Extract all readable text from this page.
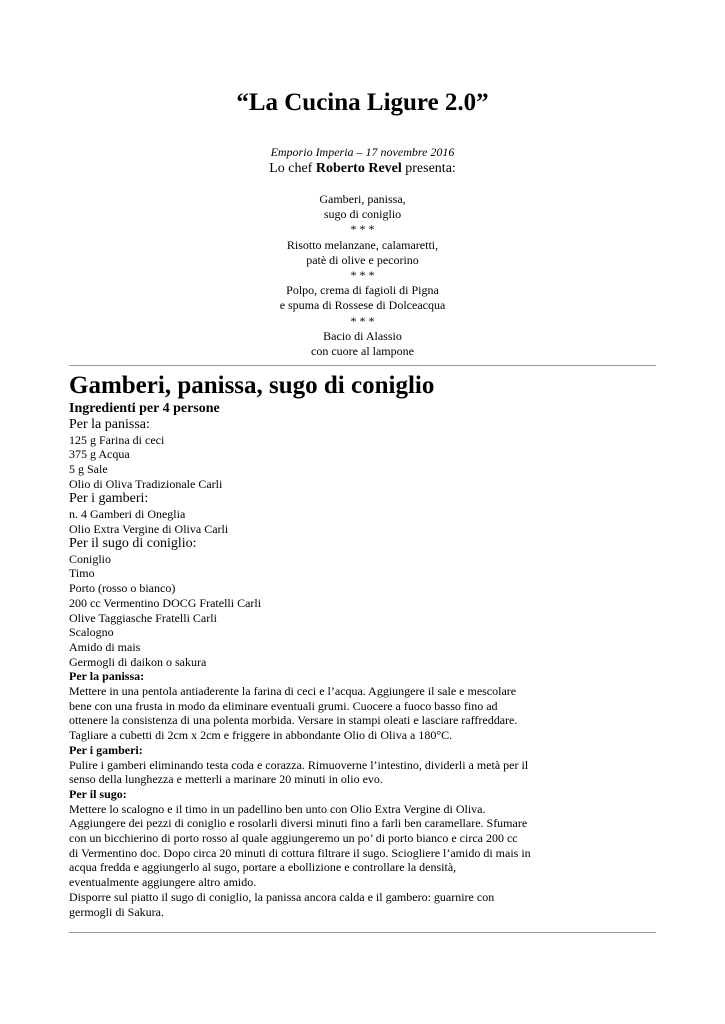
“La Cucina Ligure 2.0”
Emporio Imperia – 17 novembre 2016
Lo chef Roberto Revel presenta:
Gamberi, panissa,
sugo di coniglio
* * *
Risotto melanzane, calamaretti,
patè di olive e pecorino
* * *
Polpo, crema di fagioli di Pigna
e spuma di Rossese di Dolceacqua
* * *
Bacio di Alassio
con cuore al lampone
Gamberi, panissa, sugo di coniglio
Ingredienti per 4 persone
Per la panissa:
125 g Farina di ceci
375 g Acqua
5 g Sale
Olio di Oliva Tradizionale Carli
Per i gamberi:
n. 4 Gamberi di Oneglia
Olio Extra Vergine di Oliva Carli
Per il sugo di coniglio:
Coniglio
Timo
Porto (rosso o bianco)
200 cc Vermentino DOCG Fratelli Carli
Olive Taggiasche Fratelli Carli
Scalogno
Amido di mais
Germogli di daikon o sakura
Per la panissa:
Mettere in una pentola antiaderente la farina di ceci e l’acqua. Aggiungere il sale e mescolare
bene con una frusta in modo da eliminare eventuali grumi. Cuocere a fuoco basso fino ad
ottenere la consistenza di una polenta morbida. Versare in stampi oleati e lasciare raffreddare.
Tagliare a cubetti di 2cm x 2cm e friggere in abbondante Olio di Oliva a 180°C.
Per i gamberi:
Pulire i gamberi eliminando testa coda e corazza. Rimuoverne l’intestino, dividerli a metà per il
senso della lunghezza e metterli a marinare 20 minuti in olio evo.
Per il sugo:
Mettere lo scalogno e il timo in un padellino ben unto con Olio Extra Vergine di Oliva.
Aggiungere dei pezzi di coniglio e rosolarli diversi minuti fino a farli ben caramellare. Sfumare
con un bicchierino di porto rosso al quale aggiungeremo un po’ di porto bianco e circa 200 cc
di Vermentino doc. Dopo circa 20 minuti di cottura filtrare il sugo. Sciogliere l’amido di mais in
acqua fredda e aggiungerlo al sugo, portare a ebollizione e controllare la densità,
eventualmente aggiungere altro amido.
Disporre sul piatto il sugo di coniglio, la panissa ancora calda e il gambero: guarnire con
germogli di Sakura.
